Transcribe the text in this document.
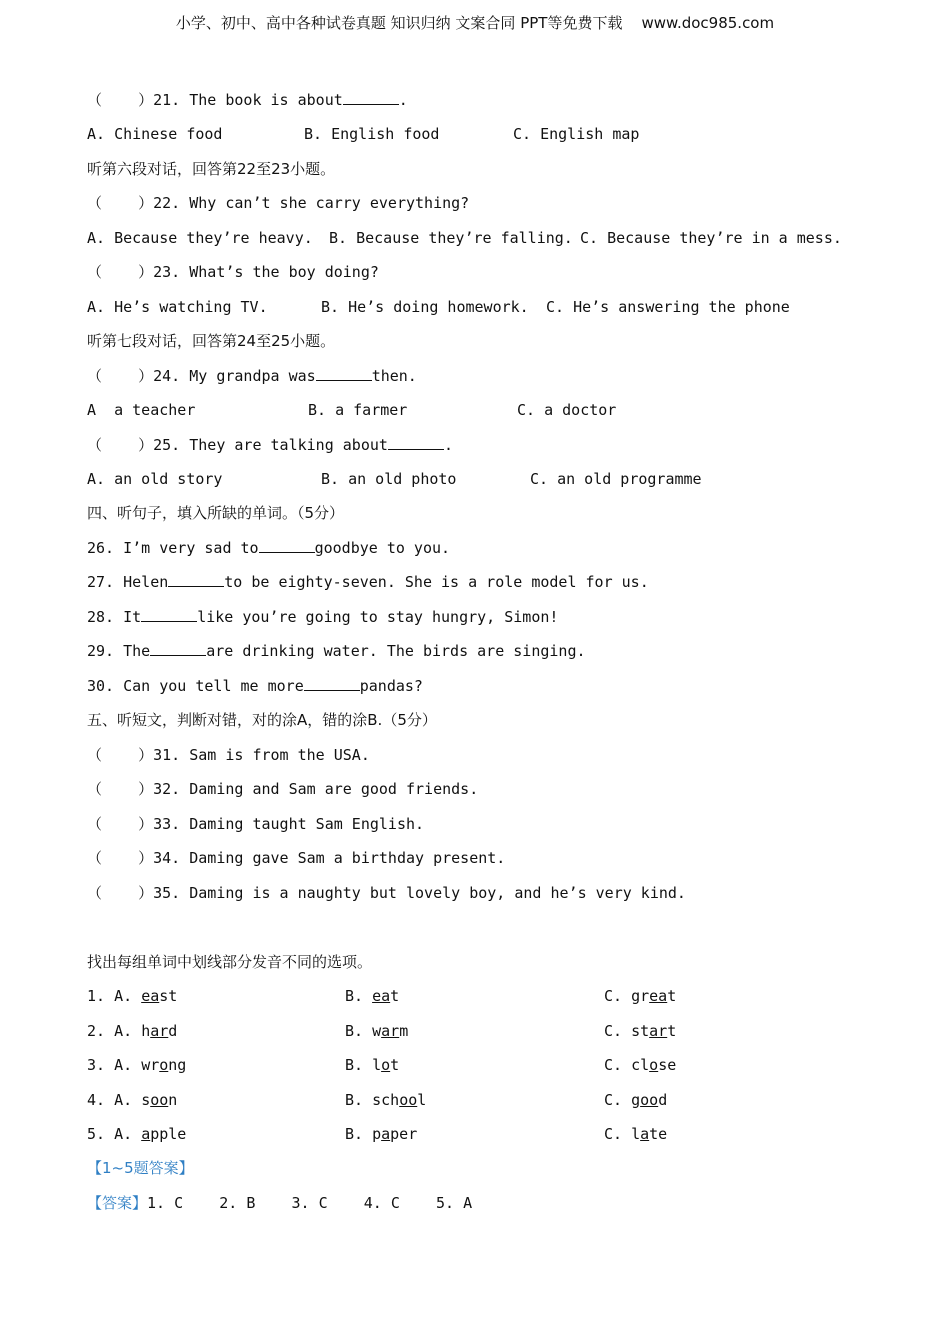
小学、初中、高中各种试卷真题 知识归纳 文案合同 PPT等免费下载    www.doc985.com
（    ）21. The book is about	.
A. Chinese food	B. English food	C. English map
听第六段对话，回答第22至23小题。
（    ）22. Why can’t she carry everything?
A. Because they’re heavy. B. Because they’re falling. C. Because they’re in a mess.
（    ）23. What’s the boy doing?
A. He’s watching TV.	B. He’s doing homework. C. He’s answering the phone
听第七段对话，回答第24至25小题。
（    ）24. My grandpa was	then.
A  a teacher	B. a farmer	C. a doctor
（    ）25. They are talking about	.
A. an old story	B. an old photo	C. an old programme
四、听句子，填入所缺的单词。（5分）
26. I’m very sad to	goodbye to you.
27. Helen	to be eighty-seven. She is a role model for us.
28. It	like you’re going to stay hungry, Simon!
29. The	are drinking water. The birds are singing.
30. Can you tell me more	pandas?
五、听短文，判断对错，对的涂A，错的涂B.（5分）
（    ）31. Sam is from the USA.
（    ）32. Daming and Sam are good friends.
（    ）33. Daming taught Sam English.
（    ）34. Daming gave Sam a birthday present.
（    ）35. Daming is a naughty but lovely boy, and he’s very kind.
找出每组单词中划线部分发音不同的选项。
1. A. east	B. eat	C. great
2. A. hard	B. warm	C. start
3. A. wrong	B. lot	C. close
4. A. soon	B. school	C. good
5. A. apple	B. paper	C. late
【1~5题答案】
【答案】1. C    2. B    3. C    4. C    5. A
